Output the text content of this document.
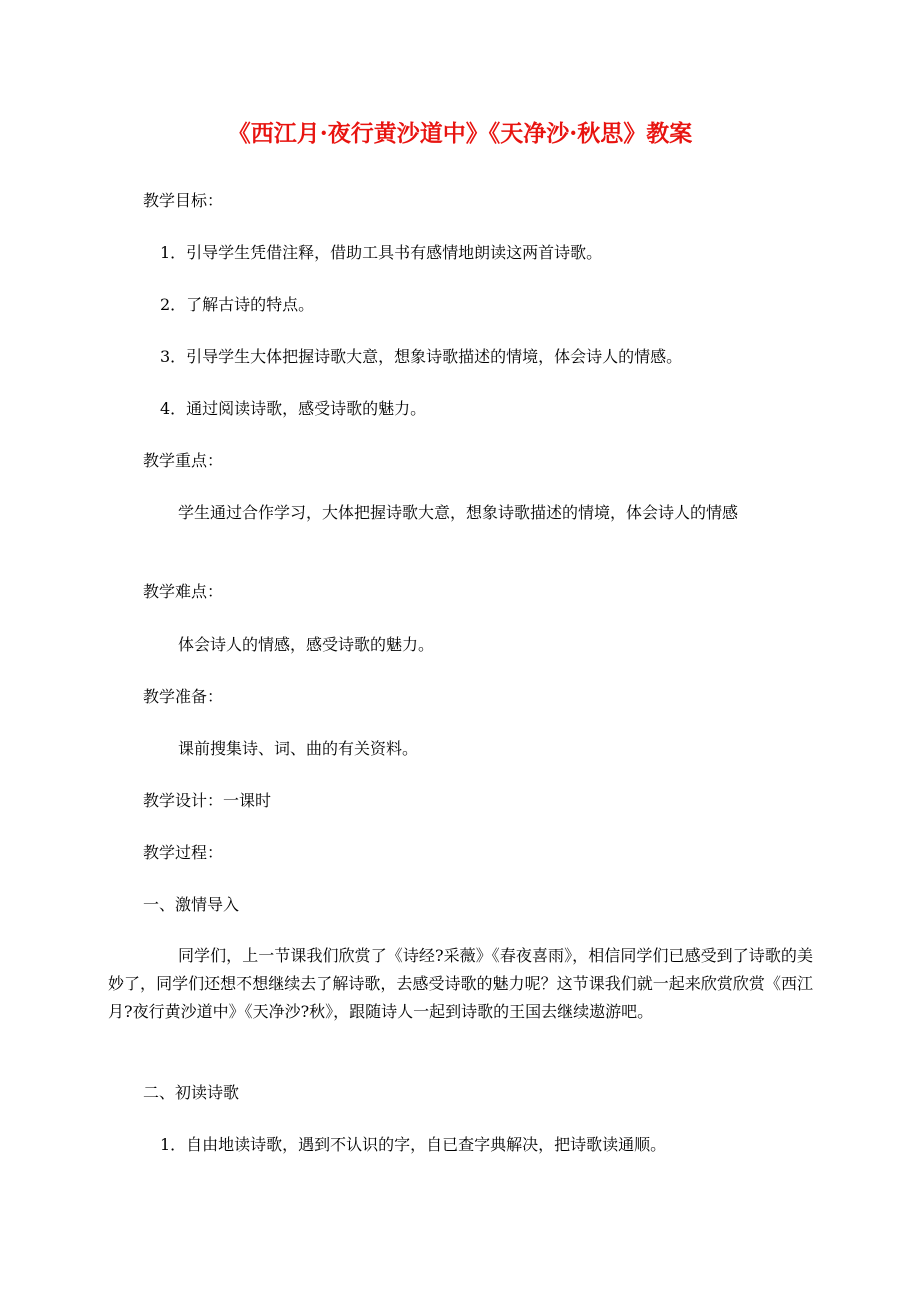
《西江月·夜行黄沙道中》《天净沙·秋思》教案
教学目标：
1．引导学生凭借注释，借助工具书有感情地朗读这两首诗歌。
2．了解古诗的特点。
3．引导学生大体把握诗歌大意，想象诗歌描述的情境，体会诗人的情感。
4．通过阅读诗歌，感受诗歌的魅力。
教学重点：
学生通过合作学习，大体把握诗歌大意，想象诗歌描述的情境，体会诗人的情感
教学难点：
体会诗人的情感，感受诗歌的魅力。
教学准备：
课前搜集诗、词、曲的有关资料。
教学设计：一课时
教学过程：
一、激情导入
同学们，上一节课我们欣赏了《诗经?采薇》《春夜喜雨》，相信同学们已感受到了诗歌的美妙了，同学们还想不想继续去了解诗歌，去感受诗歌的魅力呢？这节课我们就一起来欣赏欣赏《西江月?夜行黄沙道中》《天净沙?秋》，跟随诗人一起到诗歌的王国去继续遨游吧。
二、初读诗歌
1．自由地读诗歌，遇到不认识的字，自已查字典解决，把诗歌读通顺。
